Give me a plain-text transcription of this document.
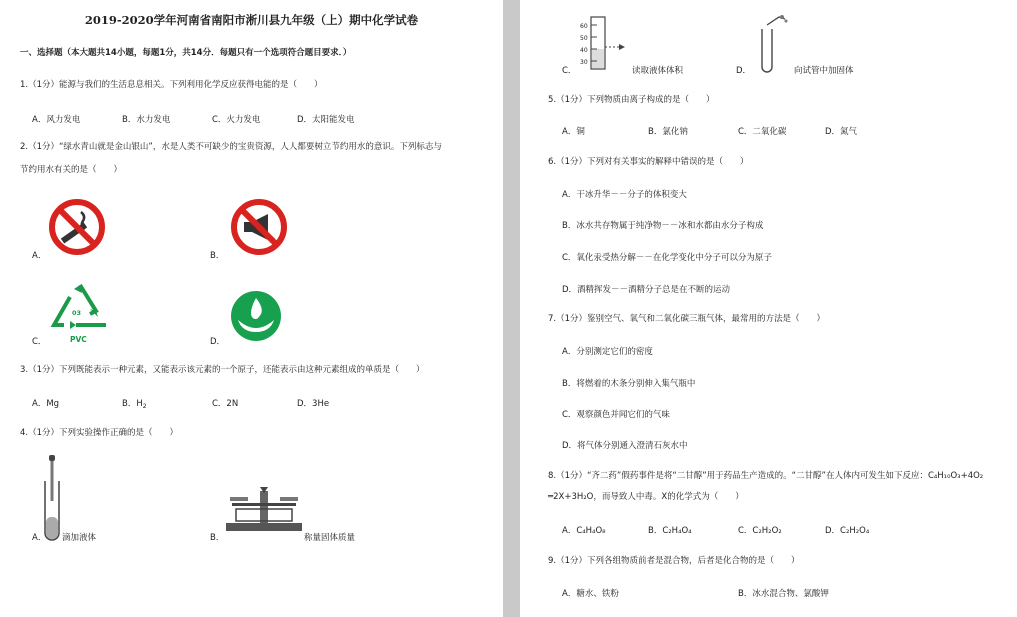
2019-2020学年河南省南阳市淅川县九年级（上）期中化学试卷
一、选择题（本大题共14小题，每题1分，共14分．每题只有一个选项符合题目要求．）
1.（1分）能源与我们的生活息息相关。下列利用化学反应获得电能的是（　　）
A．风力发电	B．水力发电	C．火力发电	D．太阳能发电
2.（1分）“绿水青山就是金山银山”，水是人类不可缺少的宝贵资源，人人都要树立节约用水的意识。下列标志与
节约用水有关的是（　　）
A．	B．
03
PVC
C．	D．
3.（1分）下列既能表示一种元素，又能表示该元素的一个原子，还能表示由这种元素组成的单质是（　　）
A．Mg	B．$H_2$	C．2N	D．3He
4.（1分）下列实验操作正确的是（　　）
A． 滴加液体	B．	称量固体质量
60
50
40
30
C．	读取液体体积	D．	向试管中加固体
5.（1分）下列物质由离子构成的是（　　）
A．铜	B．氯化钠	C．二氧化碳	D．氮气
6.（1分）下列对有关事实的解释中错误的是（　　）
A．干冰升华－－分子的体积变大
B．冰水共存物属于纯净物－－冰和水都由水分子构成
C．氧化汞受热分解－－在化学变化中分子可以分为原子
D．酒精挥发－－酒精分子总是在不断的运动
7.（1分）鉴别空气、氧气和二氧化碳三瓶气体，最常用的方法是（　　）
A．分别测定它们的密度
B．将燃着的木条分别伸入集气瓶中
C．观察颜色并闻它们的气味
D．将气体分别通入澄清石灰水中
8.（1分）“齐二药”假药事件是将“二甘醇”用于药品生产造成的。“二甘醇”在人体内可发生如下反应：C₄H₁₀O₃+4O₂
═2X+3H₂O，而导致人中毒。X的化学式为（　　）
A．C₄H₄O₈	B．C₂H₄O₄	C．C₂H₂O₂	D．C₂H₂O₄
9.（1分）下列各组物质前者是混合物，后者是化合物的是（　　）
A．糖水、铁粉	B．冰水混合物、氯酸钾
